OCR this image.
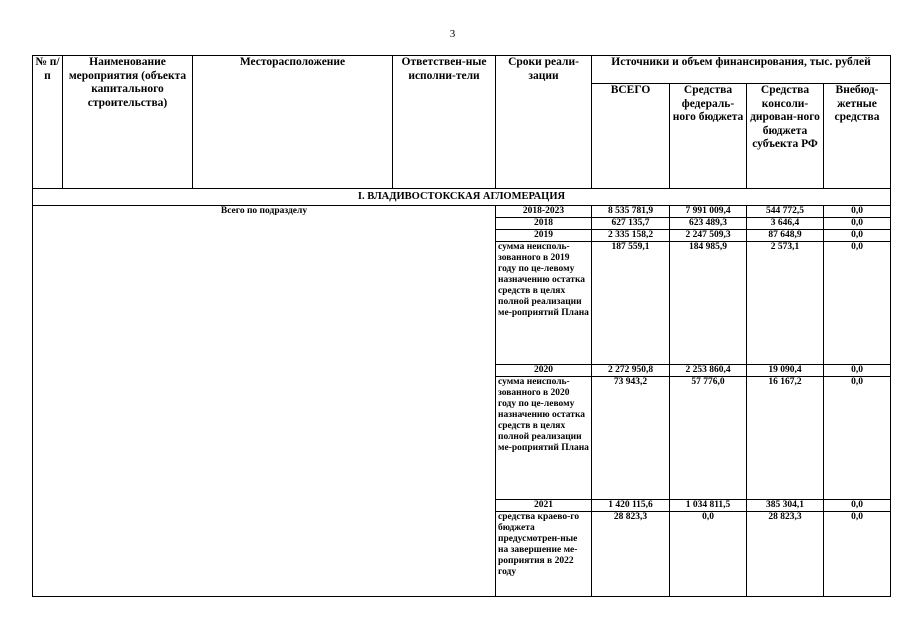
3
№ п/ п	Наименование мероприятия (объекта капитального строительства)	Месторасположение	Ответствен-ные исполни-тели	Сроки реали-зации	Источники и объем финансирования, тыс. рублей			
					ВСЕГО	Средства федераль-ного бюджета	Средства консоли-дирован-ного бюджета субъекта РФ	Внебюд-жетные средства
I. ВЛАДИВОСТОКСКАЯ АГЛОМЕРАЦИЯ								
Всего по подразделу				2018-2023	8 535 781,9	7 991 009,4	544 772,5	0,0
				2018	627 135,7	623 489,3	3 646,4	0,0
				2019	2 335 158,2	2 247 509,3	87 648,9	0,0
				сумма неисполь-зованного в 2019 году по це-левому назначению остатка средств в целях полной реализации ме-роприятий Плана	187 559,1	184 985,9	2 573,1	0,0
				2020	2 272 950,8	2 253 860,4	19 090,4	0,0
				сумма неисполь-зованного в 2020 году по це-левому назначению остатка средств в целях полной реализации ме-роприятий Плана	73 943,2	57 776,0	16 167,2	0,0
				2021	1 420 115,6	1 034 811,5	385 304,1	0,0
				средства краево-го бюджета предусмотрен-ные на завершение ме-роприятия в 2022 году	28 823,3	0,0	28 823,3	0,0
